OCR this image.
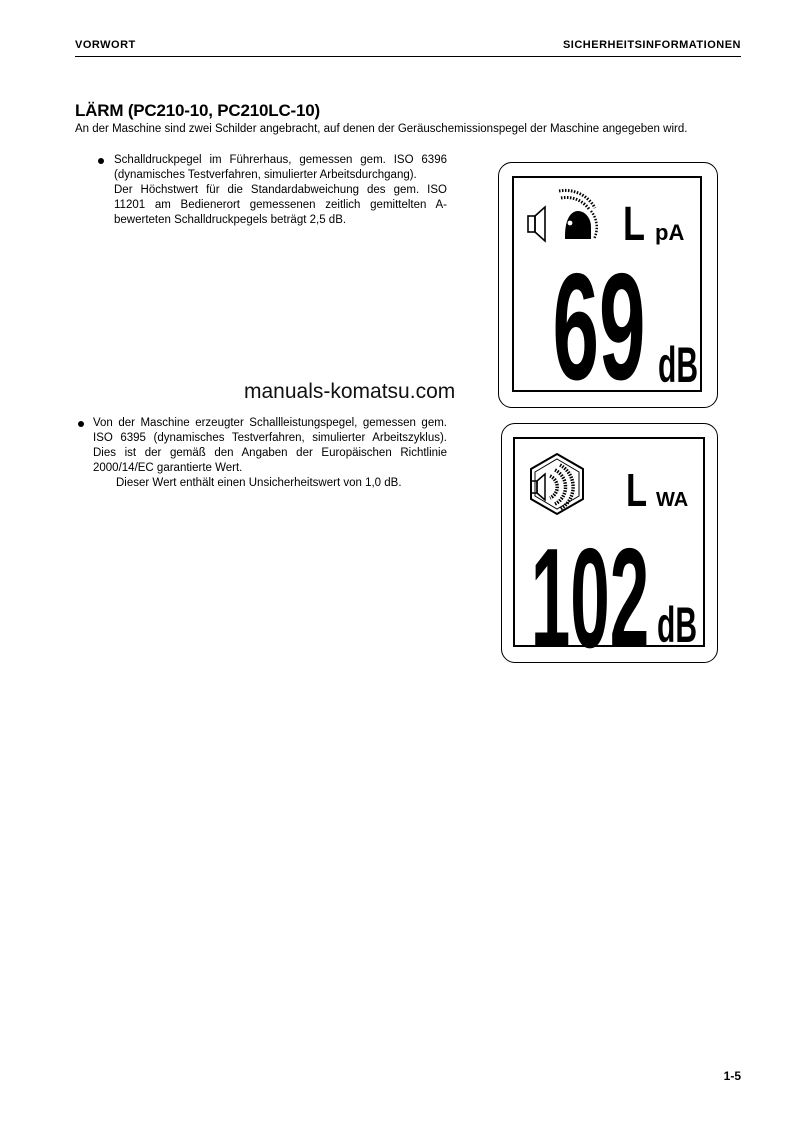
VORWORT	SICHERHEITSINFORMATIONEN
LÄRM (PC210-10, PC210LC-10)
An der Maschine sind zwei Schilder angebracht, auf denen der Geräuschemissionspegel der Maschine angegeben wird.

Schalldruckpegel im Führerhaus, gemessen gem. ISO 6396 (dynamisches Testverfahren, simulierter Arbeitsdurchgang).

Der Höchstwert für die Standardabweichung des gem. ISO 11201 am Bedienerort gemessenen zeitlich gemittelten A-bewerteten Schalldruckpegels beträgt 2,5 dB.

Von der Maschine erzeugter Schallleistungspegel, gemessen gem. ISO 6395 (dynamisches Testverfahren, simulierter Arbeitszyklus). Dies ist der gemäß den Angaben der Europäischen Richtlinie 2000/14/EC garantierte Wert.

Dieser Wert enthält einen Unsicherheitswert von 1,0 dB.

manuals-komatsu.com
L pA
69 dB
L WA
102 dB
1-5
